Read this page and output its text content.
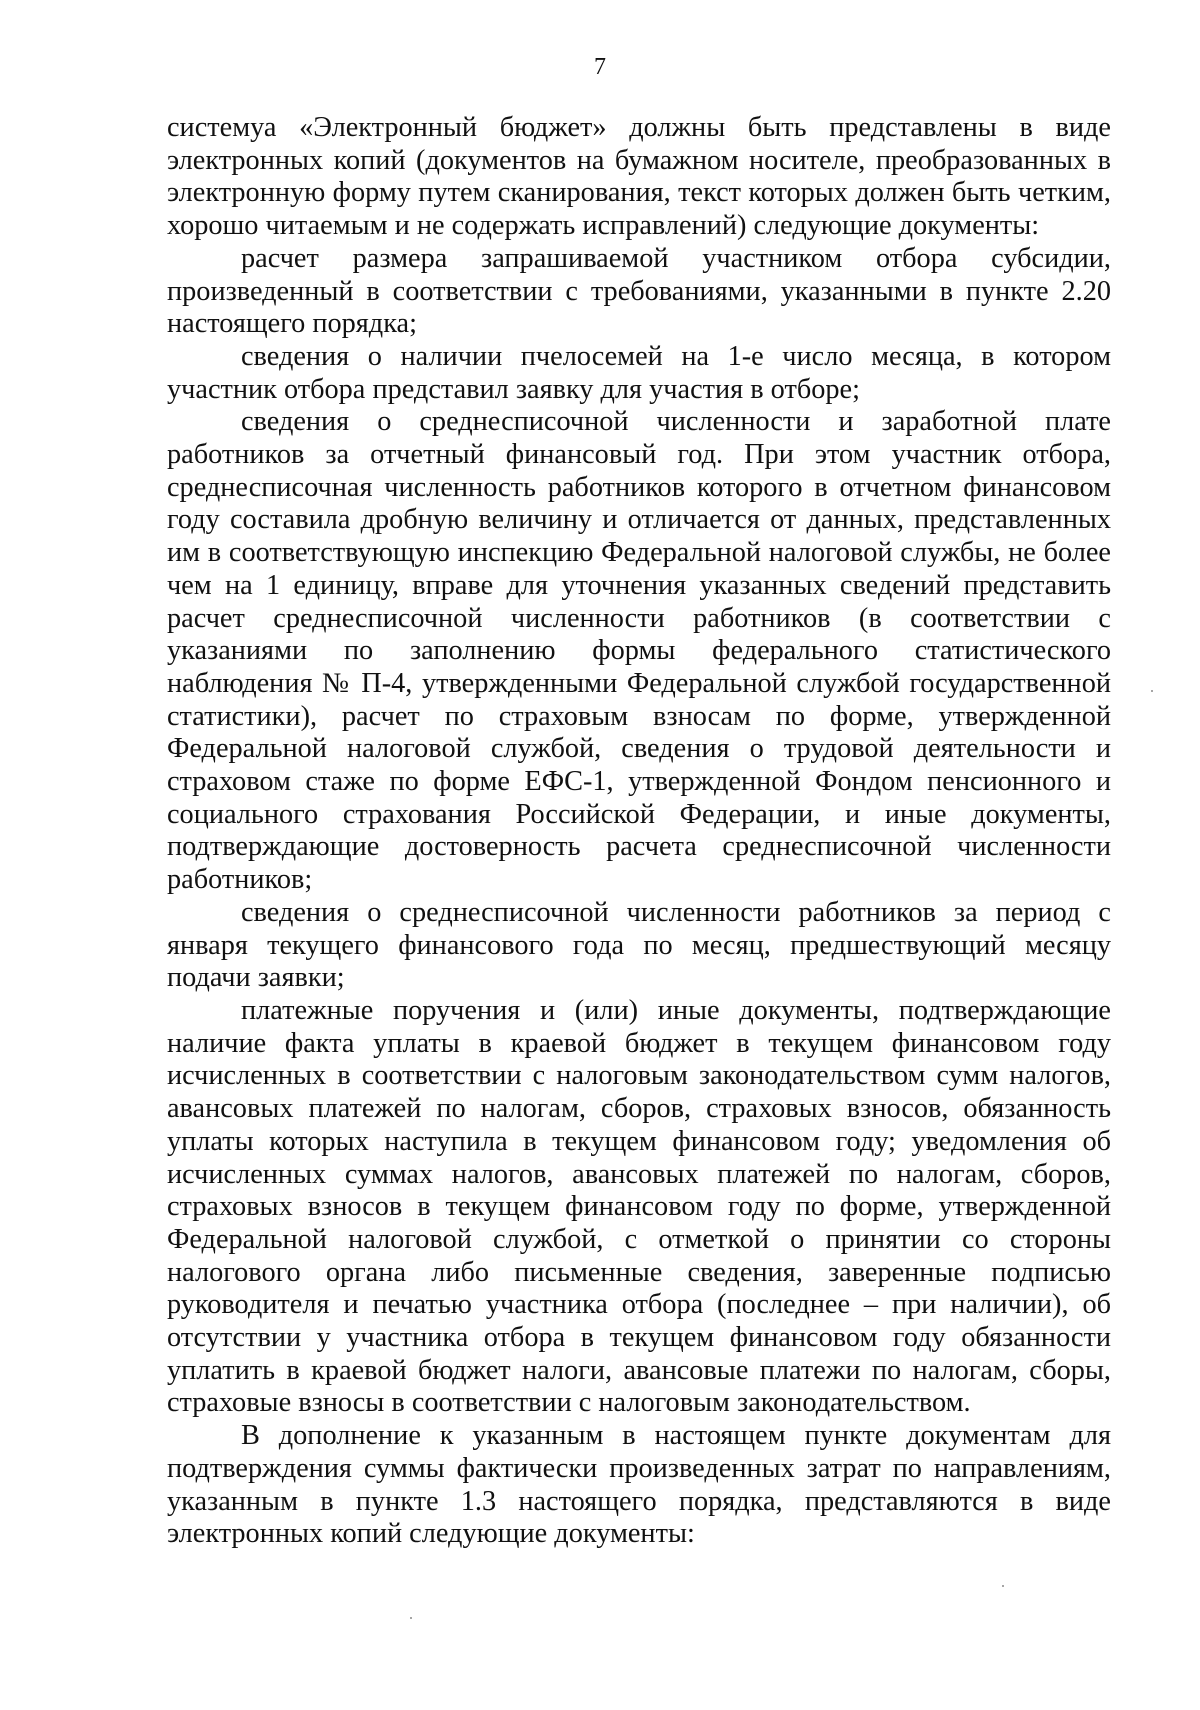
7

системуа «Электронный бюджет» должны быть представлены в виде электронных копий (документов на бумажном носителе, преобразованных в электронную форму путем сканирования, текст которых должен быть четким, хорошо читаемым и не содержать исправлений) следующие документы:

расчет размера запрашиваемой участником отбора субсидии, произведенный в соответствии с требованиями, указанными в пункте 2.20 настоящего порядка;

сведения о наличии пчелосемей на 1-е число месяца, в котором участник отбора представил заявку для участия в отборе;

сведения о среднесписочной численности и заработной плате работников за отчетный финансовый год. При этом участник отбора, среднесписочная численность работников которого в отчетном финансовом году составила дробную величину и отличается от данных, представленных им в соответствующую инспекцию Федеральной налоговой службы, не более чем на 1 единицу, вправе для уточнения указанных сведений представить расчет среднесписочной численности работников (в соответствии с указаниями по заполнению формы федерального статистического наблюдения № П-4, утвержденными Федеральной службой государственной статистики), расчет по страховым взносам по форме, утвержденной Федеральной налоговой службой, сведения о трудовой деятельности и страховом стаже по форме ЕФС-1, утвержденной Фондом пенсионного и социального страхования Российской Федерации, и иные документы, подтверждающие достоверность расчета среднесписочной численности работников;

сведения о среднесписочной численности работников за период с января текущего финансового года по месяц, предшествующий месяцу подачи заявки;

платежные поручения и (или) иные документы, подтверждающие наличие факта уплаты в краевой бюджет в текущем финансовом году исчисленных в соответствии с налоговым законодательством сумм налогов, авансовых платежей по налогам, сборов, страховых взносов, обязанность уплаты которых наступила в текущем финансовом году; уведомления об исчисленных суммах налогов, авансовых платежей по налогам, сборов, страховых взносов в текущем финансовом году по форме, утвержденной Федеральной налоговой службой, с отметкой о принятии со стороны налогового органа либо письменные сведения, заверенные подписью руководителя и печатью участника отбора (последнее – при наличии), об отсутствии у участника отбора в текущем финансовом году обязанности уплатить в краевой бюджет налоги, авансовые платежи по налогам, сборы, страховые взносы в соответствии с налоговым законодательством.

В дополнение к указанным в настоящем пункте документам для подтверждения суммы фактически произведенных затрат по направлениям, указанным в пункте 1.3 настоящего порядка, представляются в виде электронных копий следующие документы:
